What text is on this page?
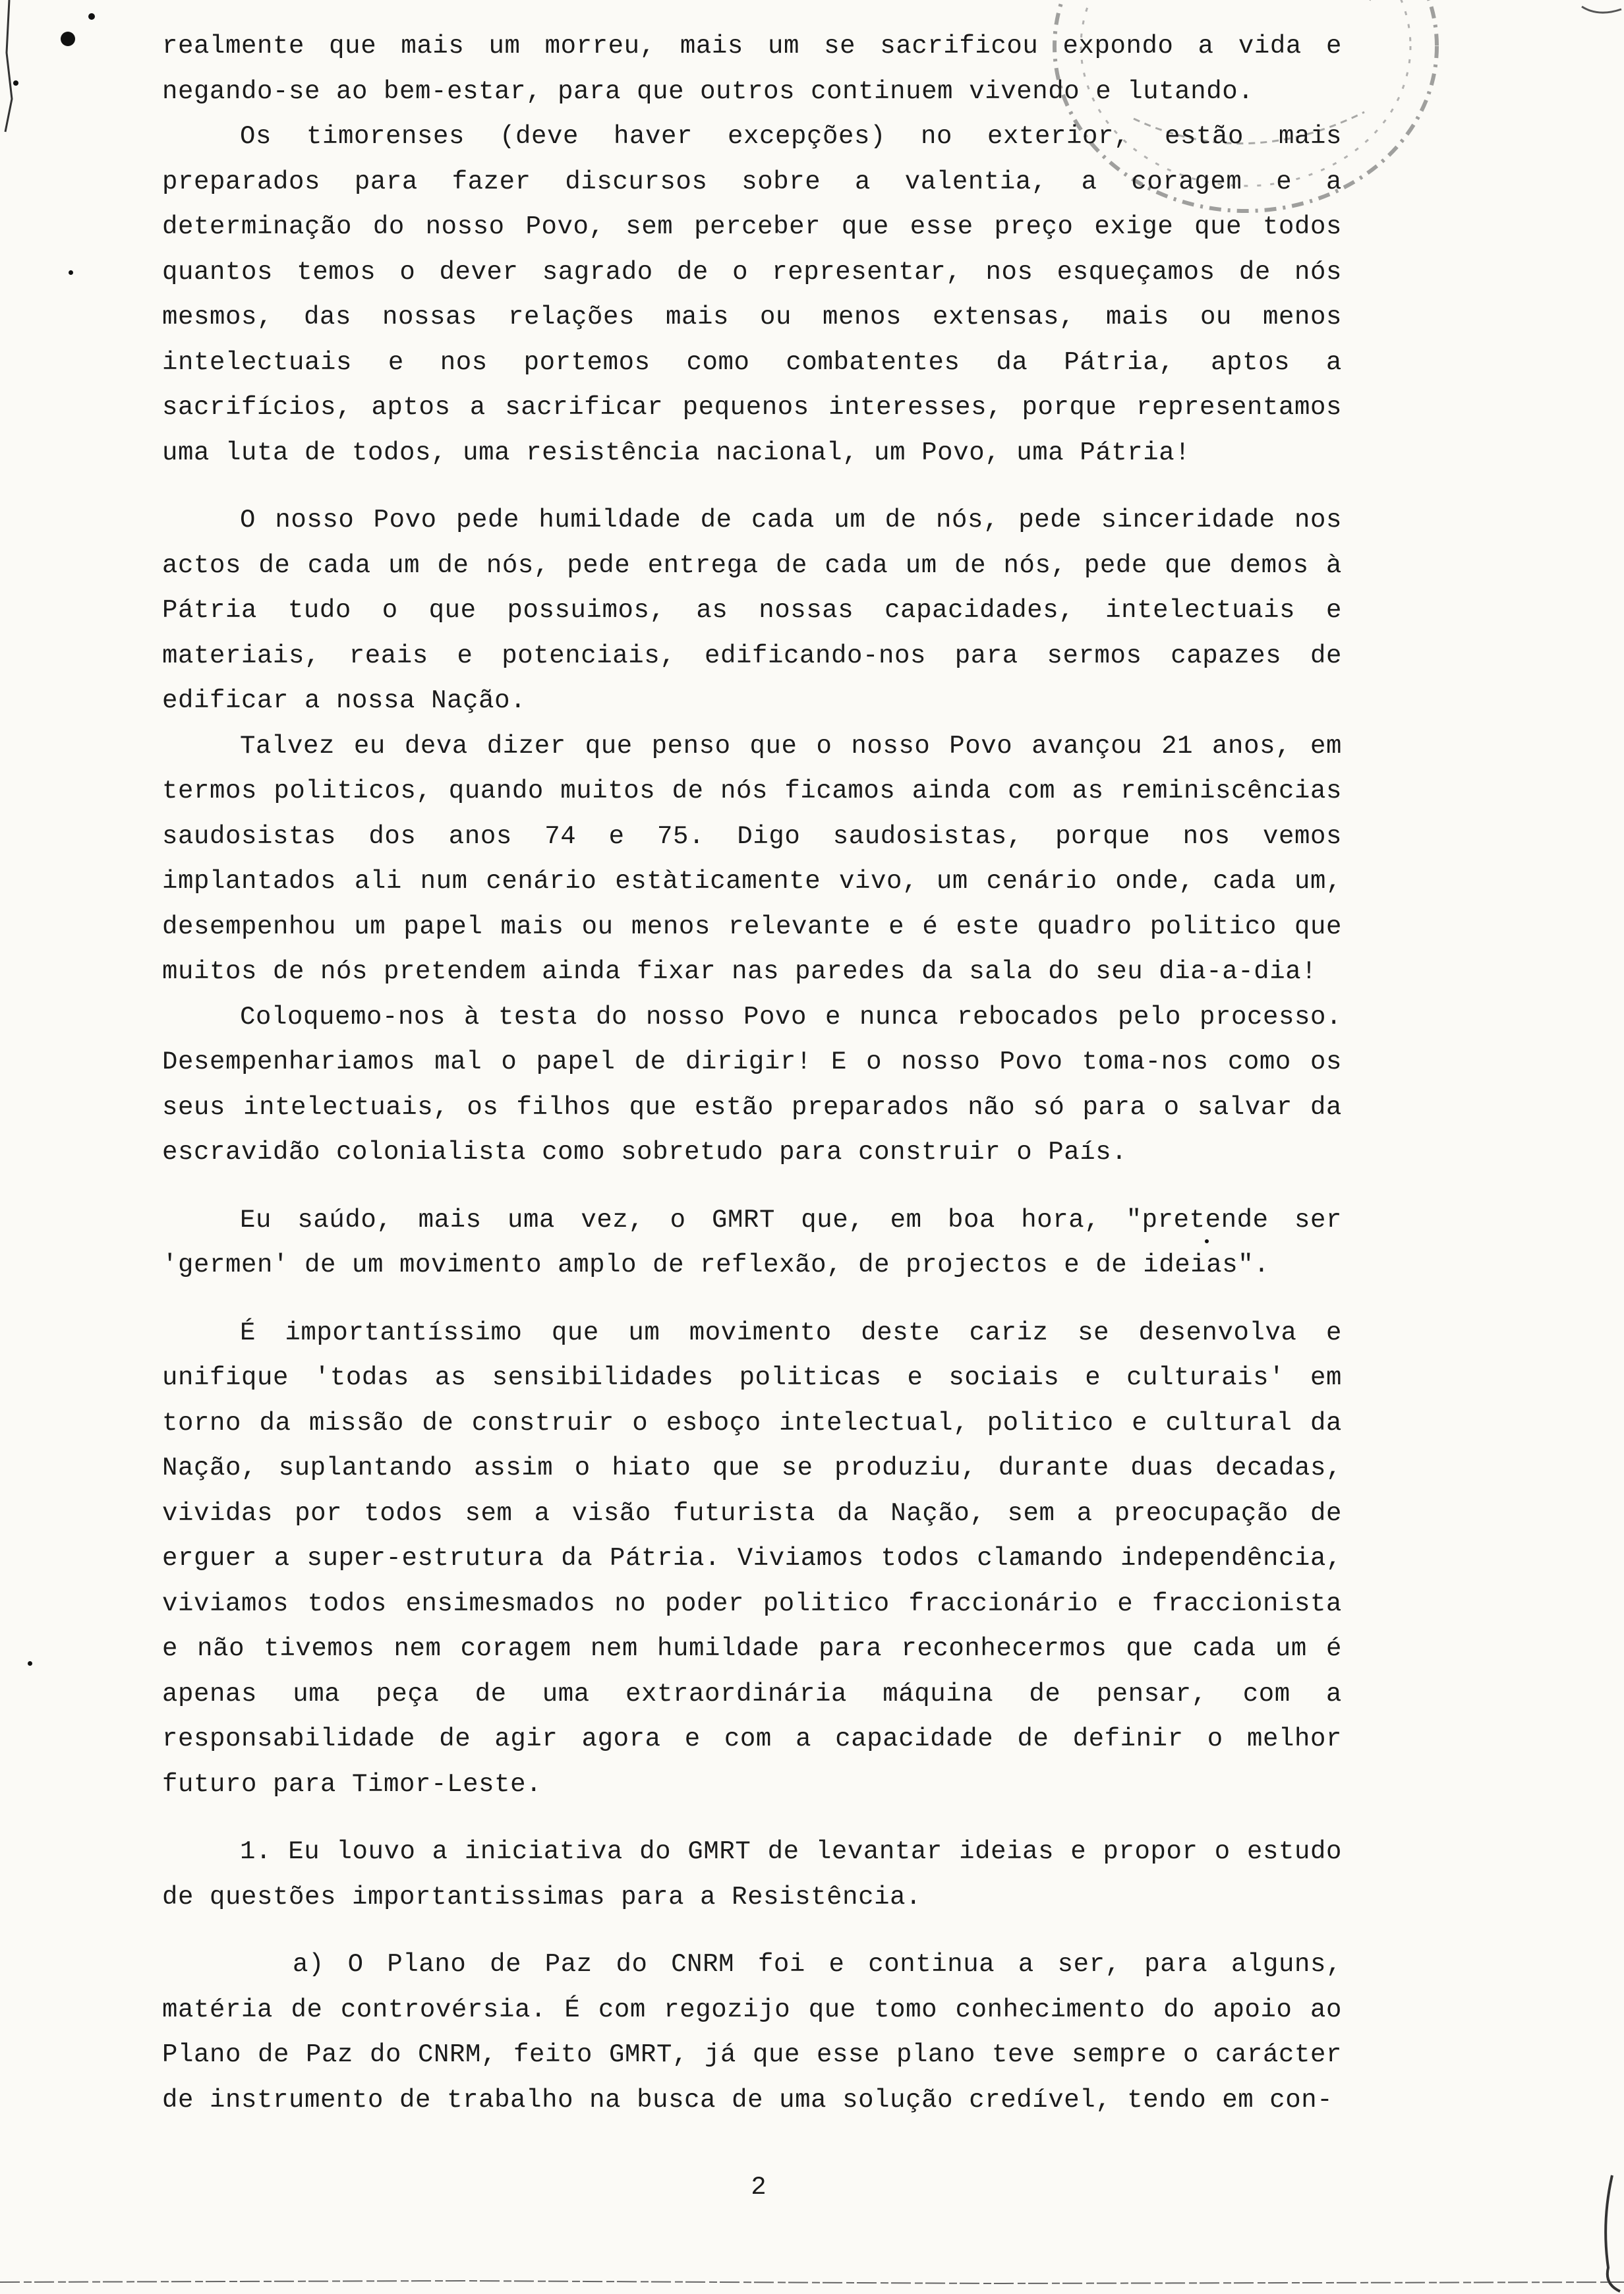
realmente que mais um morreu, mais um se sacrificou expondo a vida e negando-se ao bem-estar, para que outros continuem vivendo e lutando.

Os timorenses (deve haver excepções) no exterior, estão mais preparados para fazer discursos sobre a valentia, a coragem e a determinação do nosso Povo, sem perceber que esse preço exige que todos quantos temos o dever sagrado de o representar, nos esqueçamos de nós mesmos, das nossas relações mais ou menos extensas, mais ou menos intelectuais e nos portemos como combatentes da Pátria, aptos a sacrifícios, aptos a sacrificar pequenos interesses, porque representamos uma luta de todos, uma resistência nacional, um Povo, uma Pátria!

O nosso Povo pede humildade de cada um de nós, pede sinceridade nos actos de cada um de nós, pede entrega de cada um de nós, pede que demos à Pátria tudo o que possuimos, as nossas capacidades, intelectuais e materiais, reais e potenciais, edificando-nos para sermos capazes de edificar a nossa Nação.

Talvez eu deva dizer que penso que o nosso Povo avançou 21 anos, em termos politicos, quando muitos de nós ficamos ainda com as reminiscências saudosistas dos anos 74 e 75. Digo saudosistas, porque nos vemos implantados ali num cenário estàticamente vivo, um cenário onde, cada um, desempenhou um papel mais ou menos relevante e é este quadro politico que muitos de nós pretendem ainda fixar nas paredes da sala do seu dia-a-dia!

Coloquemo-nos à testa do nosso Povo e nunca rebocados pelo processo. Desempenhariamos mal o papel de dirigir! E o nosso Povo toma-nos como os seus intelectuais, os filhos que estão preparados não só para o salvar da escravidão colonialista como sobretudo para construir o País.

Eu saúdo, mais uma vez, o GMRT que, em boa hora, "pretende ser 'germen' de um movimento amplo de reflexão, de projectos e de ideias".

É importantíssimo que um movimento deste cariz se desenvolva e unifique 'todas as sensibilidades politicas e sociais e culturais' em torno da missão de construir o esboço intelectual, politico e cultural da Nação, suplantando assim o hiato que se produziu, durante duas decadas, vividas por todos sem a visão futurista da Nação, sem a preocupação de erguer a super-estrutura da Pátria. Viviamos todos clamando independência, viviamos todos ensimesmados no poder politico fraccionário e fraccionista e não tivemos nem coragem nem humildade para reconhecermos que cada um é apenas uma peça de uma extraordinária máquina de pensar, com a responsabilidade de agir agora e com a capacidade de definir o melhor futuro para Timor-Leste.

1. Eu louvo a iniciativa do GMRT de levantar ideias e propor o estudo de questões importantissimas para a Resistência.

a) O Plano de Paz do CNRM foi e continua a ser, para alguns, matéria de controvérsia. É com regozijo que tomo conhecimento do apoio ao Plano de Paz do CNRM, feito GMRT, já que esse plano teve sempre o carácter de instrumento de trabalho na busca de uma solução credível, tendo em con-

2
